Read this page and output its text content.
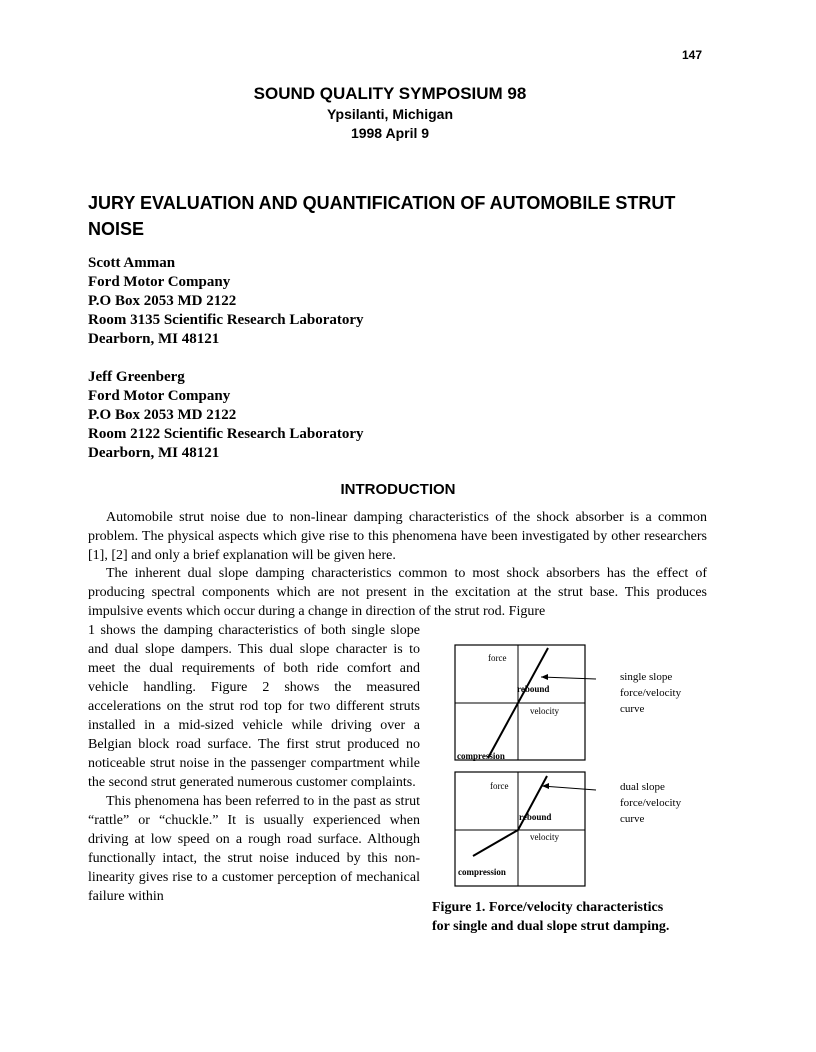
147
SOUND QUALITY SYMPOSIUM 98
Ypsilanti, Michigan
1998 April 9
JURY EVALUATION AND QUANTIFICATION OF AUTOMOBILE STRUT NOISE
Scott Amman
Ford Motor Company
P.O Box 2053 MD 2122
Room 3135 Scientific Research Laboratory
Dearborn, MI 48121
Jeff Greenberg
Ford Motor Company
P.O Box 2053 MD 2122
Room 2122 Scientific Research Laboratory
Dearborn, MI 48121
INTRODUCTION

Automobile strut noise due to non-linear damping characteristics of the shock absorber is a common problem. The physical aspects which give rise to this phenomena have been investigated by other researchers [1], [2] and only a brief explanation will be given here.

The inherent dual slope damping characteristics common to most shock absorbers has the effect of producing spectral components which are not present in the excitation at the strut base. This produces impulsive events which occur during a change in direction of the strut rod. Figure

1 shows the damping characteristics of both single slope and dual slope dampers. This dual slope character is to meet the dual requirements of both ride comfort and vehicle handling. Figure 2 shows the measured accelerations on the strut rod top for two different struts installed in a mid-sized vehicle while driving over a Belgian block road surface. The first strut produced no noticeable strut noise in the passenger compartment while the second strut generated numerous customer complaints.

This phenomena has been referred to in the past as strut “rattle” or “chuckle.” It is usually experienced when driving at low speed on a rough road surface. Although functionally intact, the strut noise induced by this non-linearity gives rise to a customer perception of mechanical failure within

force
rebound
velocity
compression
single slope
force/velocity
curve
force
rebound
velocity
compression
dual slope
force/velocity
curve
Figure 1. Force/velocity characteristics
for single and dual slope strut damping.
